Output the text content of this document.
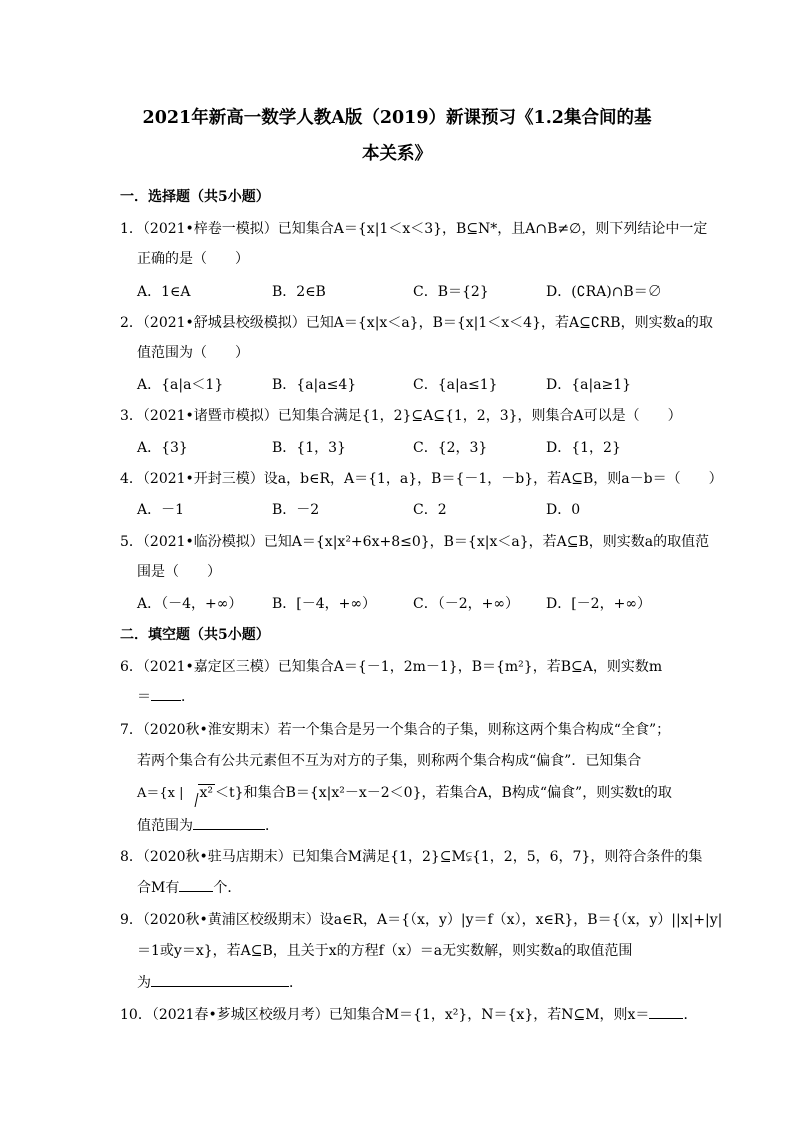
2021年新高一数学人教A版（2019）新课预习《1.2集合间的基
本关系》
一．选择题（共5小题）
1．（2021•梓卷一模拟）已知集合A＝{x|1＜x＜3}，B⊆N*，且A∩B≠∅，则下列结论中一定
正确的是（　　）
A．1∈A	B．2∈B	C．B＝{2}	D．(∁RA)∩B＝∅
2．（2021•舒城县校级模拟）已知A＝{x|x＜a}，B＝{x|1＜x＜4}，若A⊆∁RB，则实数a的取
值范围为（　　）
A．{a|a＜1}	B．{a|a≤4}	C．{a|a≤1}	D．{a|a≥1}
3．（2021•诸暨市模拟）已知集合满足{1，2}⊆A⊆{1，2，3}，则集合A可以是（　　）
A．{3}	B．{1，3}	C．{2，3}	D．{1，2}
4．（2021•开封三模）设a，b∈R，A＝{1，a}，B＝{－1，－b}，若A⊆B，则a－b＝（　　）
A．－1	B．－2	C．2	D．0
5．（2021•临汾模拟）已知A＝{x|x²+6x+8≤0}，B＝{x|x＜a}，若A⊆B，则实数a的取值范
围是（　　）
A．（－4，+∞） B．[－4，+∞）	C．（－2，+∞） D．[－2，+∞）
二．填空题（共5小题）
6．（2021•嘉定区三模）已知集合A＝{－1，2m－1}，B＝{m²}，若B⊆A，则实数m
＝ ．
7．（2020秋•淮安期末）若一个集合是另一个集合的子集，则称这两个集合构成“全食”；
若两个集合有公共元素但不互为对方的子集，则称两个集合构成“偏食”．已知集合
A＝{x | x² ＜t}和集合B＝{x|x²－x－2＜0}，若集合A，B构成“偏食”，则实数t的取
值范围为	．
8．（2020秋•驻马店期末）已知集合M满足{1，2}⊆M⫋{1，2，5，6，7}，则符合条件的集
合M有 个．
9．（2020秋•黄浦区校级期末）设a∈R，A＝{（x，y）|y＝f（x），x∈R}，B＝{（x，y）||x|+|y|
＝1或y＝x}，若A⊆B，且关于x的方程f（x）＝a无实数解，则实数a的取值范围
为	．
10．（2021春•芗城区校级月考）已知集合M＝{1，x²}，N＝{x}，若N⊆M，则x＝ ．
